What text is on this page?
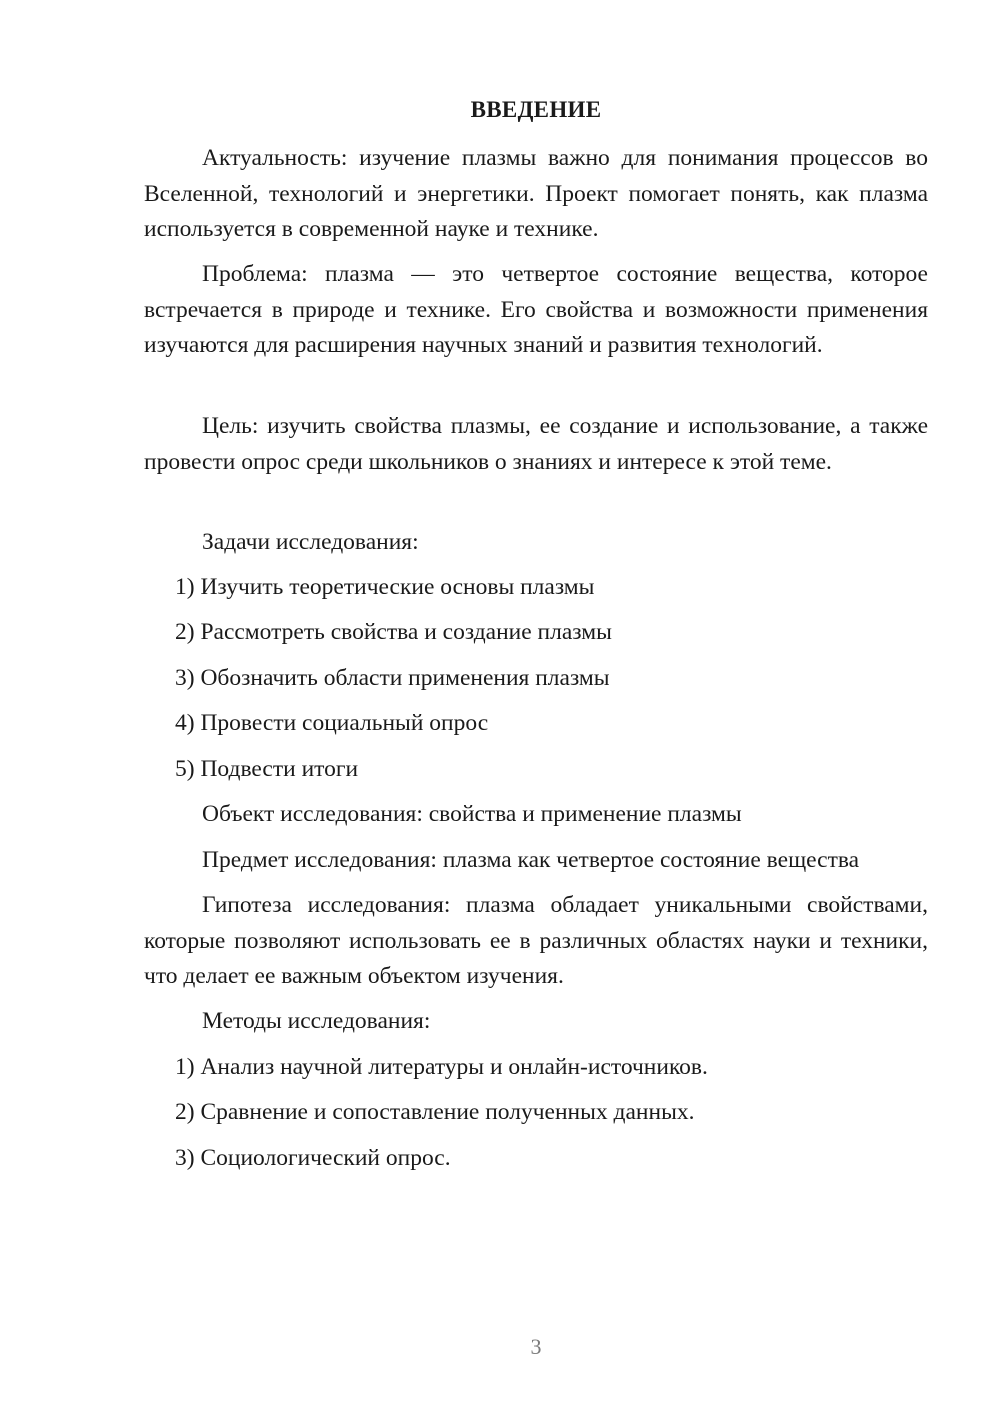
ВВЕДЕНИЕ

Актуальность: изучение плазмы важно для понимания процессов во Вселенной, технологий и энергетики. Проект помогает понять, как плазма используется в современной науке и технике.

Проблема: плазма — это четвертое состояние вещества, которое встречается в природе и технике. Его свойства и возможности применения изучаются для расширения научных знаний и развития технологий.

Цель: изучить свойства плазмы, ее создание и использование, а также провести опрос среди школьников о знаниях и интересе к этой теме.

Задачи исследования:
1) Изучить теоретические основы плазмы
2) Рассмотреть свойства и создание плазмы
3) Обозначить области применения плазмы
4) Провести социальный опрос
5) Подвести итоги
Объект исследования: свойства и применение плазмы
Предмет исследования: плазма как четвертое состояние вещества

Гипотеза исследования: плазма обладает уникальными свойствами, которые позволяют использовать ее в различных областях науки и техники, что делает ее важным объектом изучения.

Методы исследования:
1) Анализ научной литературы и онлайн-источников.
2) Сравнение и сопоставление полученных данных.
3) Социологический опрос.
3
